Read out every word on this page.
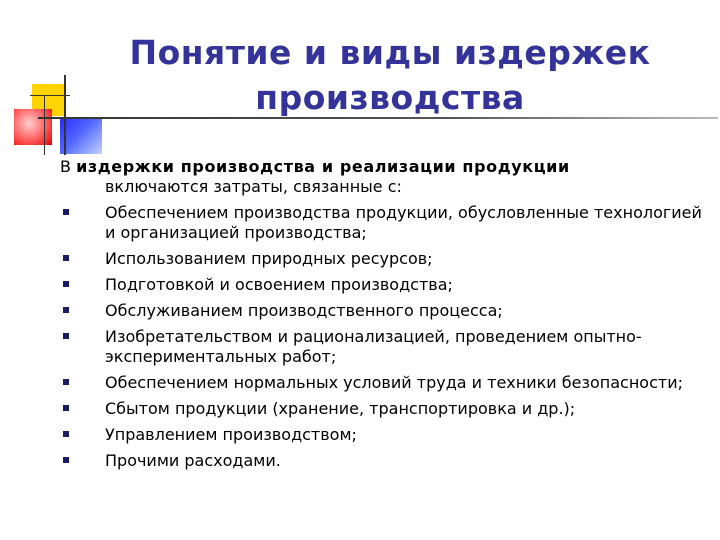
Понятие и виды издержек производства

В издержки производства и реализации продукции
включаются затраты, связанные с:

Обеспечением производства продукции, обусловленные технологией и организацией производства;
Использованием природных ресурсов;
Подготовкой и освоением производства;
Обслуживанием производственного процесса;
Изобретательством и рационализацией, проведением опытно-экспериментальных работ;
Обеспечением нормальных условий труда и техники безопасности;
Сбытом продукции (хранение, транспортировка и др.);
Управлением производством;
Прочими расходами.
